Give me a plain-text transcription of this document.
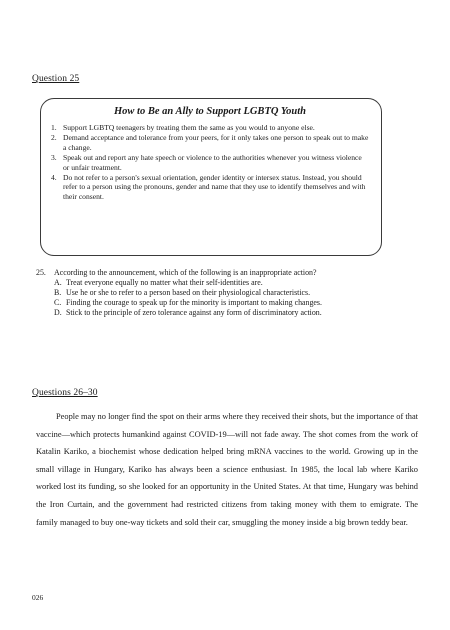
Question 25
How to Be an Ally to Support LGBTQ Youth
1. Support LGBTQ teenagers by treating them the same as you would to anyone else.
2. Demand acceptance and tolerance from your peers, for it only takes one person to speak out to make a change.
3. Speak out and report any hate speech or violence to the authorities whenever you witness violence or unfair treatment.
4. Do not refer to a person's sexual orientation, gender identity or intersex status. Instead, you should refer to a person using the pronouns, gender and name that they use to identify themselves and with their consent.
25.	According to the announcement, which of the following is an inappropriate action?
A. Treat everyone equally no matter what their self-identities are.
B. Use he or she to refer to a person based on their physiological characteristics.
C. Finding the courage to speak up for the minority is important to making changes.
D. Stick to the principle of zero tolerance against any form of discriminatory action.
Questions 26–30

People may no longer find the spot on their arms where they received their shots, but the importance of that vaccine—which protects humankind against COVID-19—will not fade away. The shot comes from the work of Katalin Kariko, a biochemist whose dedication helped bring mRNA vaccines to the world. Growing up in the small village in Hungary, Kariko has always been a science enthusiast. In 1985, the local lab where Kariko worked lost its funding, so she looked for an opportunity in the United States. At that time, Hungary was behind the Iron Curtain, and the government had restricted citizens from taking money with them to emigrate. The family managed to buy one-way tickets and sold their car, smuggling the money inside a big brown teddy bear.

026
